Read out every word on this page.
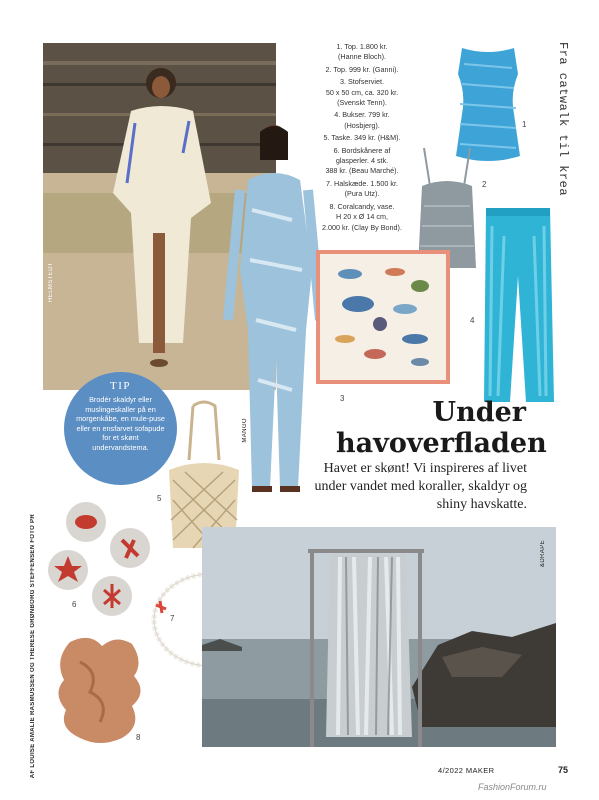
Fra catwalk til krea
HELMSTEDT
MANGO
1. Top. 1.800 kr.
(Hanne Bloch).
2. Top. 999 kr. (Ganni).
3. Stofserviet.
50 x 50 cm, ca. 320 kr.
(Svenskt Tenn).
4. Bukser. 799 kr.
(Hosbjerg).
5. Taske. 349 kr. (H&M).
6. Bordskånere af
glasperler. 4 stk.
388 kr. (Beau Marché).
7. Halskæde. 1.500 kr.
(Pura Utz).
8. Coralcandy, vase.
H 20 x Ø 14 cm,
2.000 kr. (Clay By Bond).
1
2
3
4
TIP
Brodér skaldyr eller muslingeskaller på en morgenkåbe, en mule-puse eller en ensfarvet sofapude for et skønt undervandstema.
5
Under
havoverfladen
Havet er skønt! Vi inspireres af livet under vandet med koraller, skaldyr og shiny havskatte.
6
7
8
AF LOUISE AMALIE RASMUSSEN OG THERESE GRØNBORG STEFFENSEN FOTO PR	&DRAPE
4/2022 MAKER	75
FashionForum.ru
